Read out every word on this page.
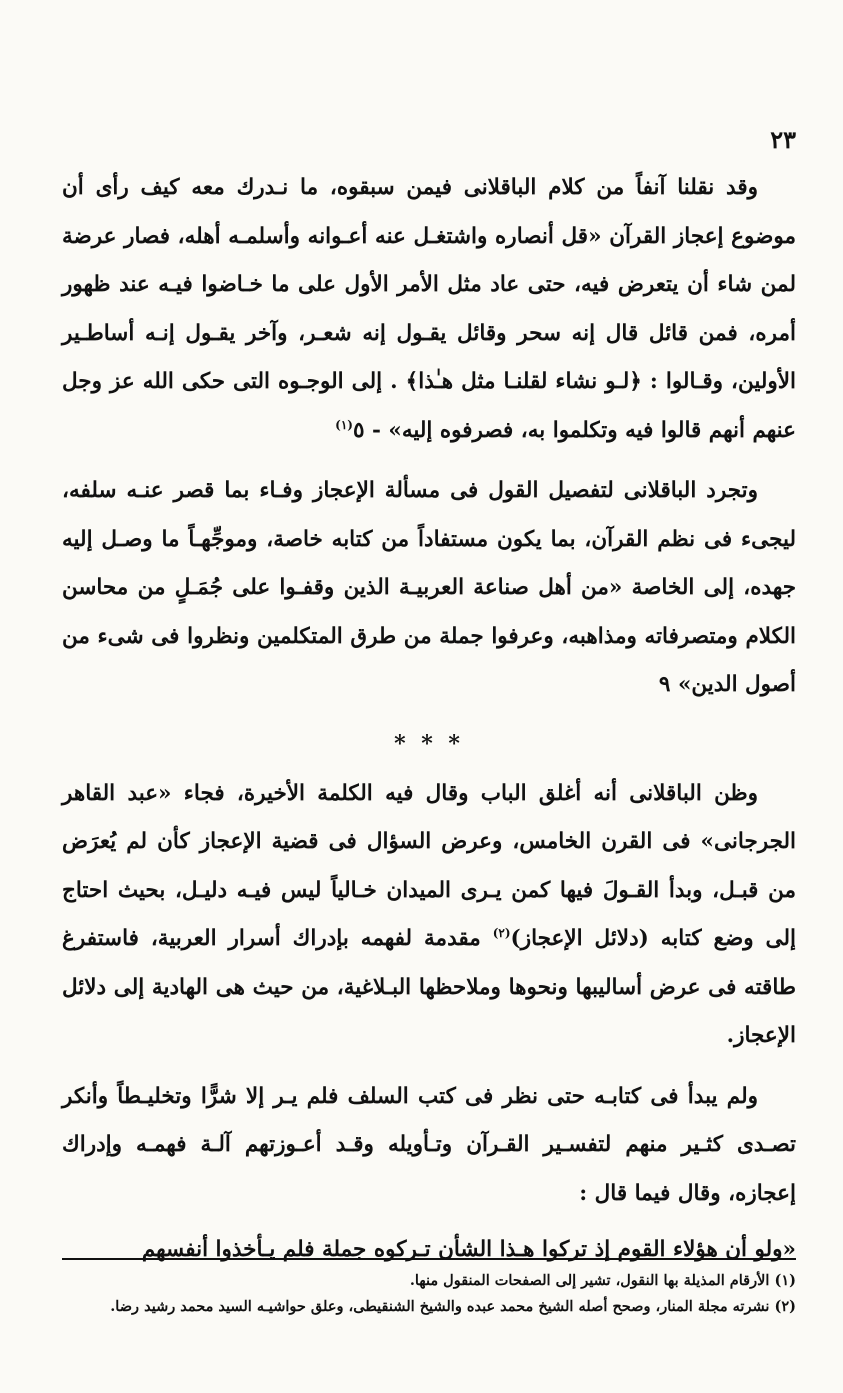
٢٣

وقد نقلنا آنفاً من كلام الباقلانى فيمن سبقوه، ما نـدرك معه كيف رأى أن موضوع إعجاز القرآن «قل أنصاره واشتغـل عنه أعـوانه وأسلمـه أهله، فصار عرضة لمن شاء أن يتعرض فيه، حتى عاد مثل الأمر الأول على ما خـاضوا فيـه عند ظهور أمره، فمن قائل قال إنه سحر وقائل يقـول إنه شعـر، وآخر يقـول إنـه أساطـير الأولين، وقـالوا : ﴿لـو نشاء لقلنـا مثل هـٰذا﴾ . إلى الوجـوه التى حكى الله عز وجل عنهم أنهم قالوا فيه وتكلموا به، فصرفوه إليه» - ٥$^{(١)}$

وتجرد الباقلانى لتفصيل القول فى مسألة الإعجاز وفـاء بما قصر عنـه سلفه، ليجىء فى نظم القرآن، بما يكون مستفاداً من كتابه خاصة، وموجِّهـاً ما وصـل إليه جهده، إلى الخاصة «من أهل صناعة العربيـة الذين وقفـوا على جُمَـلٍ من محاسن الكلام ومتصرفاته ومذاهبه، وعرفوا جملة من طرق المتكلمين ونظروا فى شىء من أصول الدين» ٩

* * *

وظن الباقلانى أنه أغلق الباب وقال فيه الكلمة الأخيرة، فجاء «عبد القاهر الجرجانى» فى القرن الخامس، وعرض السؤال فى قضية الإعجاز كأن لم يُعرَض من قبـل، وبدأ القـولَ فيها كمن يـرى الميدان خـالياً ليس فيـه دليـل، بحيث احتاج إلى وضع كتابه (دلائل الإعجاز)$^{(٢)}$ مقدمة لفهمه بإدراك أسرار العربية، فاستفرغ طاقته فى عرض أساليبها ونحوها وملاحظها البـلاغية، من حيث هى الهادية إلى دلائل الإعجاز.

ولم يبدأ فى كتابـه حتى نظر فى كتب السلف فلم يـر إلا شرًّا وتخليـطاً وأنكر تصـدى كثـير منهم لتفسـير القـرآن وتـأويله وقـد أعـوزتهم آلـة فهمـه وإدراك إعجازه، وقال فيما قال :

«ولو أن هؤلاء القوم إذ تركوا هـذا الشأن تـركوه جملة فلم يـأخذوا أنفسهم

(١) الأرقام المذيلة بها النقول، تشير إلى الصفحات المنقول منها.

(٢) نشرته مجلة المنار، وصحح أصله الشيخ محمد عبده والشيخ الشنقيطى، وعلق حواشيـه السيد محمد رشيد رضا.
